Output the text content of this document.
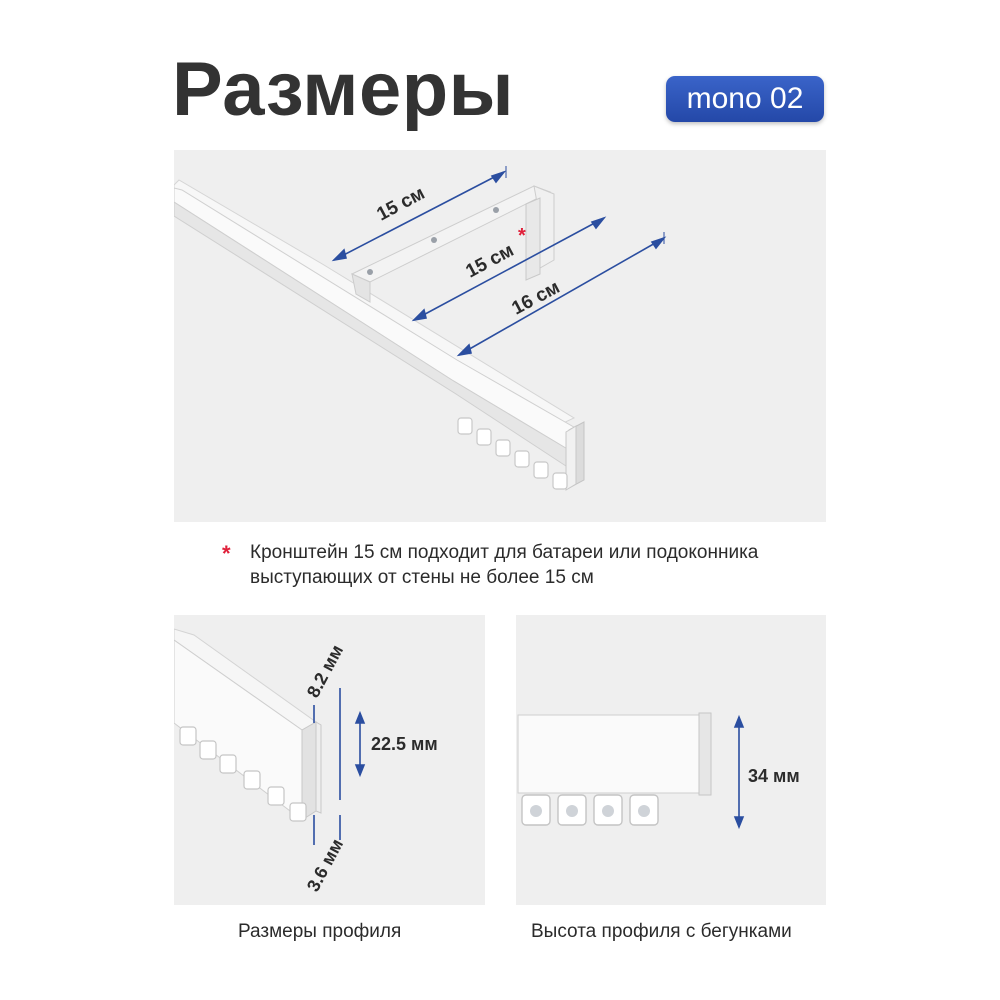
Размеры	mono 02
15 см
15 см
*
16 см
* Кронштейн 15 см подходит для батареи или подоконника выступающих от стены не более 15 см
8.2 мм
22.5 мм
3.6 мм
34 мм
Размеры профиля	Высота профиля с бегунками
